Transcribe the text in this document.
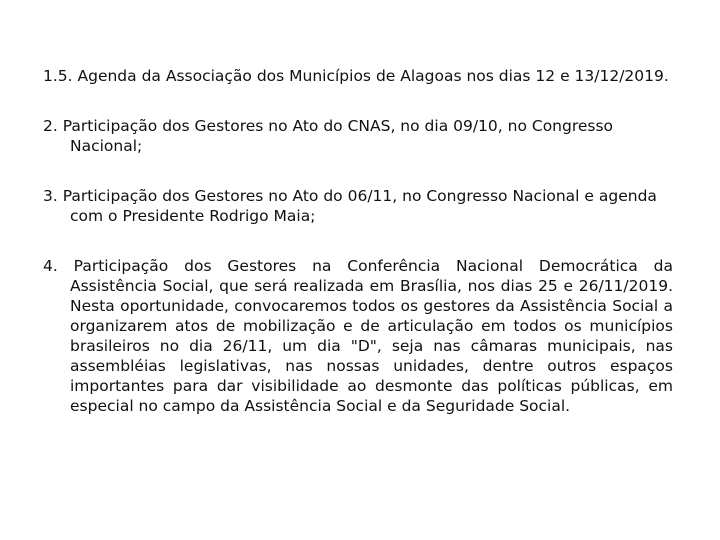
1.5. Agenda da Associação dos Municípios de Alagoas nos dias 12 e 13/12/2019.
2. Participação dos Gestores no Ato do CNAS, no dia 09/10, no Congresso Nacional;
3. Participação dos Gestores no Ato do 06/11, no Congresso Nacional e agenda com o Presidente Rodrigo Maia;
4. Participação dos Gestores na Conferência Nacional Democrática da Assistência Social, que será realizada em Brasília, nos dias 25 e 26/11/2019. Nesta oportunidade, convocaremos todos os gestores da Assistência Social a organizarem atos de mobilização e de articulação em todos os municípios brasileiros no dia 26/11, um dia "D", seja nas câmaras municipais, nas assembléias legislativas, nas nossas unidades, dentre outros espaços importantes para dar visibilidade ao desmonte das políticas públicas, em especial no campo da Assistência Social e da Seguridade Social.
